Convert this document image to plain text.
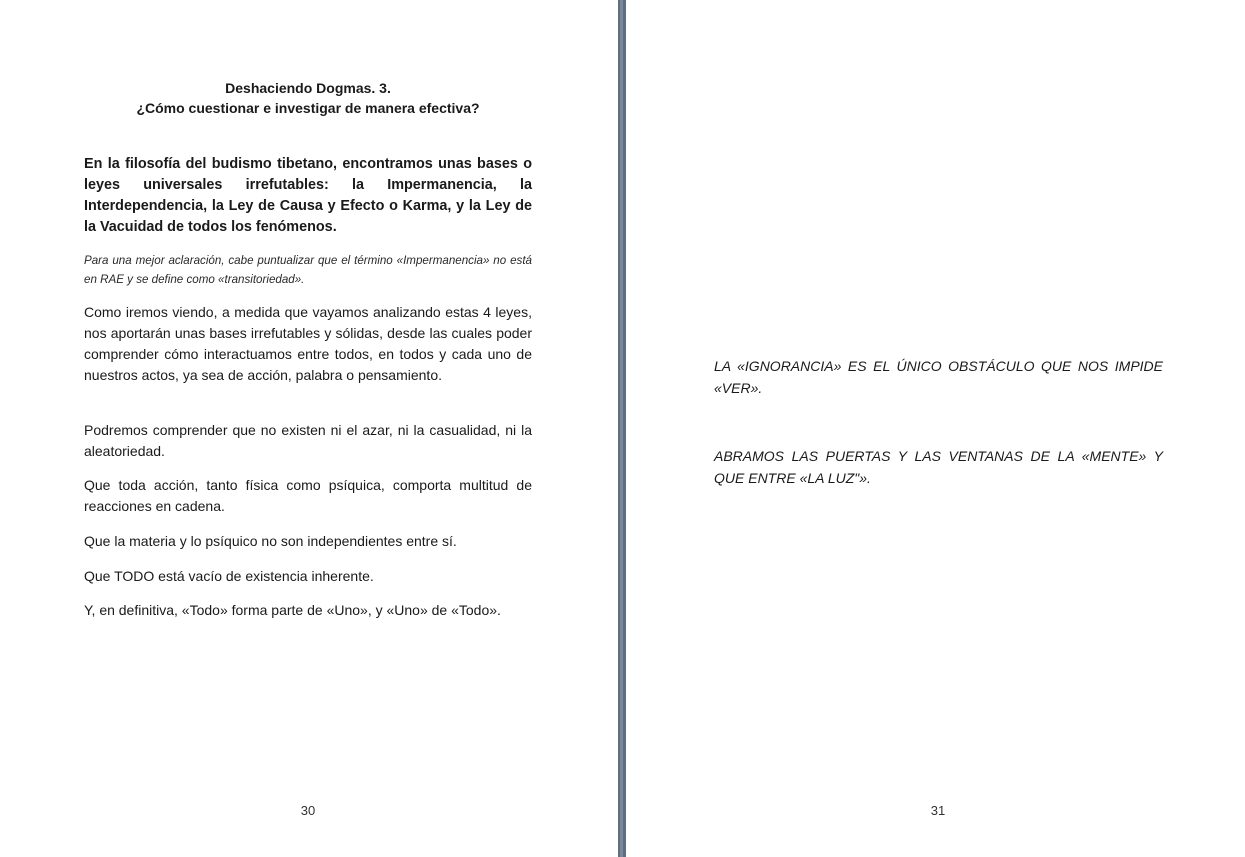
Deshaciendo Dogmas. 3.
¿Cómo cuestionar e investigar de manera efectiva?
En la filosofía del budismo tibetano, encontramos unas bases o leyes universales irrefutables: la Impermanencia, la Interdependencia, la Ley de Causa y Efecto o Karma, y la Ley de la Vacuidad de todos los fenómenos.
Para una mejor aclaración, cabe puntualizar que el término «Impermanencia» no está en RAE y se define como «transitoriedad».
Como iremos viendo, a medida que vayamos analizando estas 4 leyes, nos aportarán unas bases irrefutables y sólidas, desde las cuales poder comprender cómo interactuamos entre todos, en todos y cada uno de nuestros actos, ya sea de acción, palabra o pensamiento.
Podremos comprender que no existen ni el azar, ni la casualidad, ni la aleatoriedad.
Que toda acción, tanto física como psíquica, comporta multitud de reacciones en cadena.
Que la materia y lo psíquico no son independientes entre sí.
Que TODO está vacío de existencia inherente.
Y, en definitiva, «Todo» forma parte de «Uno», y «Uno» de «Todo».
30	31
LA «IGNORANCIA» ES EL ÚNICO OBSTÁCULO QUE NOS IMPIDE «VER».
ABRAMOS LAS PUERTAS Y LAS VENTANAS DE LA «MENTE» Y QUE ENTRE «LA LUZ"».
